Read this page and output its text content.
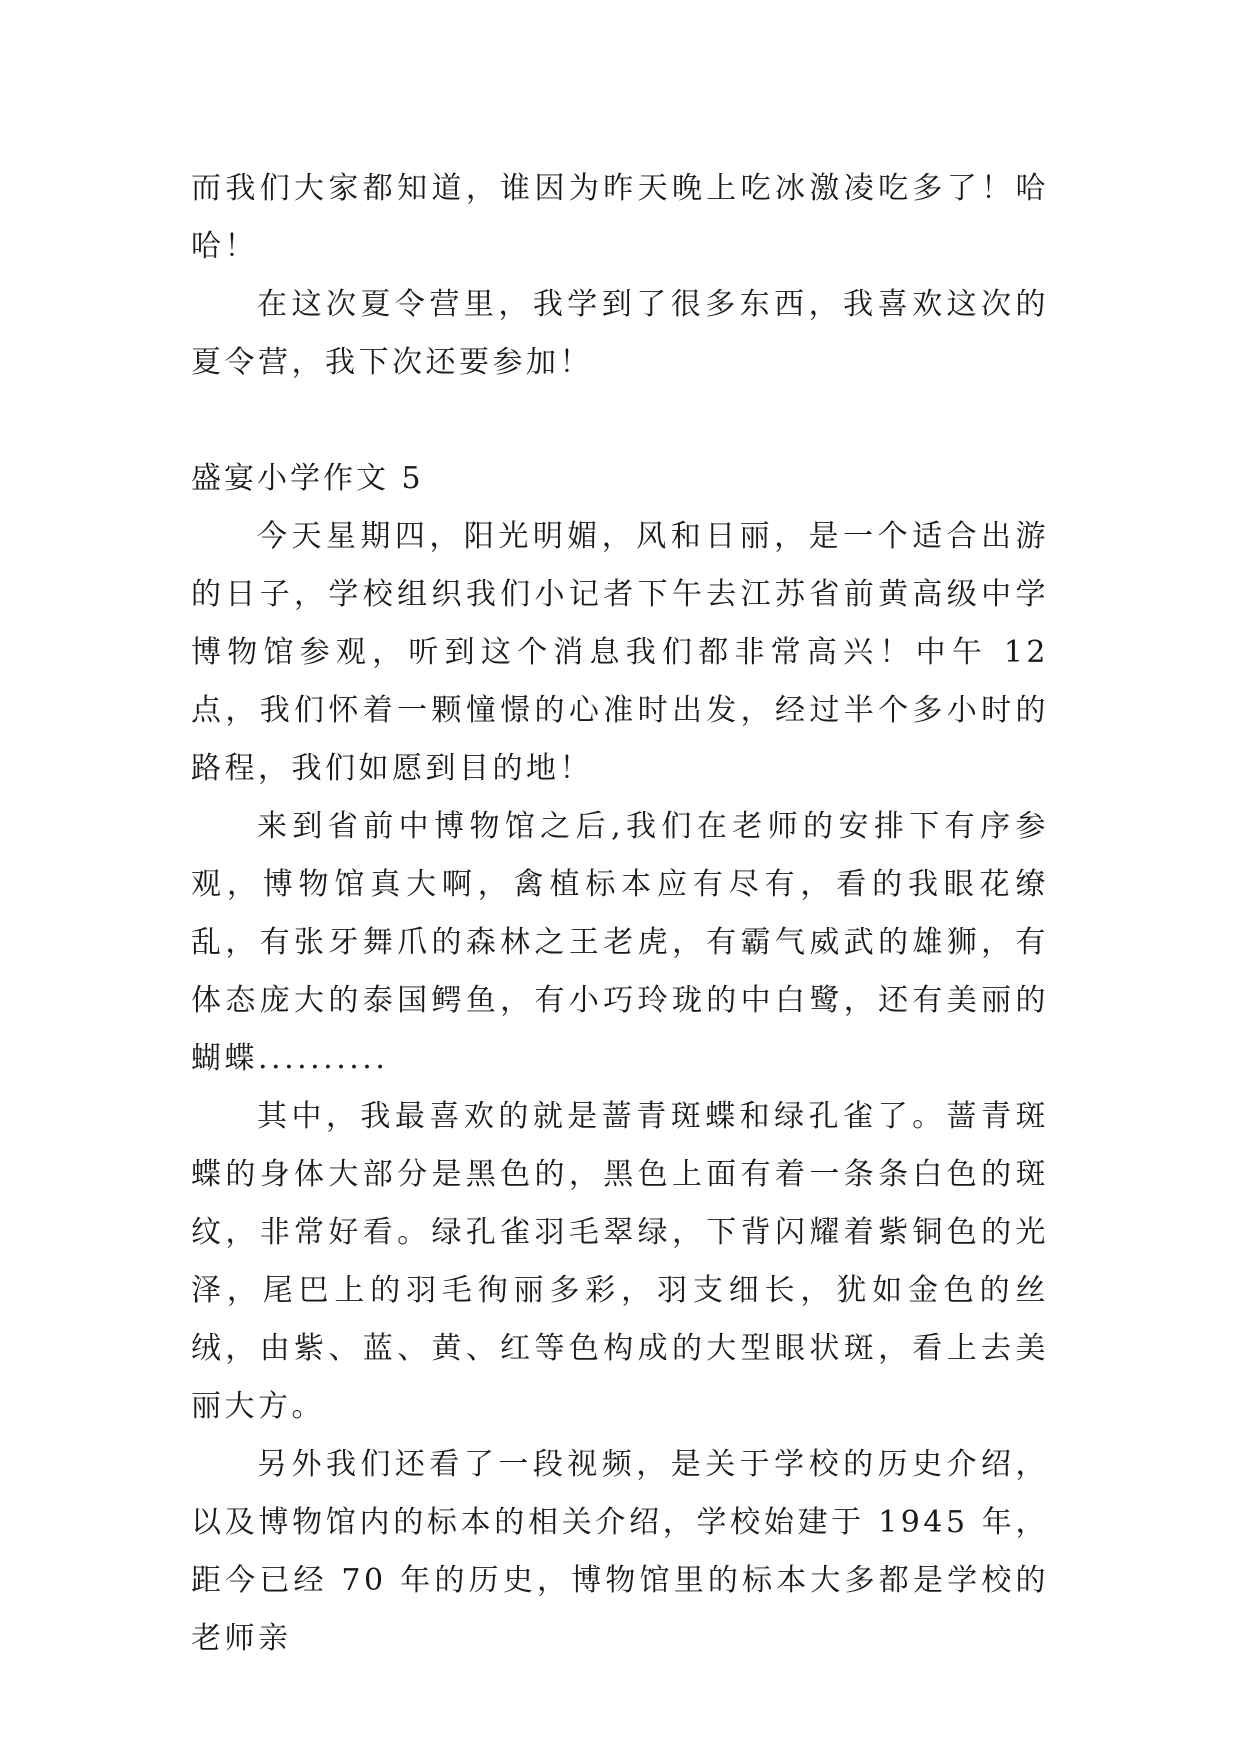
而我们大家都知道，谁因为昨天晚上吃冰激凌吃多了！哈哈！

在这次夏令营里，我学到了很多东西，我喜欢这次的夏令营，我下次还要参加！

盛宴小学作文 5

今天星期四，阳光明媚，风和日丽，是一个适合出游的日子，学校组织我们小记者下午去江苏省前黄高级中学博物馆参观，听到这个消息我们都非常高兴！中午 12 点，我们怀着一颗憧憬的心准时出发，经过半个多小时的路程，我们如愿到目的地！

来到省前中博物馆之后,我们在老师的安排下有序参观，博物馆真大啊，禽植标本应有尽有，看的我眼花缭乱，有张牙舞爪的森林之王老虎，有霸气威武的雄狮，有体态庞大的泰国鳄鱼，有小巧玲珑的中白鹭，还有美丽的蝴蝶..........

其中，我最喜欢的就是蔷青斑蝶和绿孔雀了。蔷青斑蝶的身体大部分是黑色的，黑色上面有着一条条白色的斑纹，非常好看。绿孔雀羽毛翠绿，下背闪耀着紫铜色的光泽，尾巴上的羽毛徇丽多彩，羽支细长，犹如金色的丝绒，由紫、蓝、黄、红等色构成的大型眼状斑，看上去美丽大方。

另外我们还看了一段视频，是关于学校的历史介绍，以及博物馆内的标本的相关介绍，学校始建于 1945 年，距今已经 70 年的历史，博物馆里的标本大多都是学校的老师亲
